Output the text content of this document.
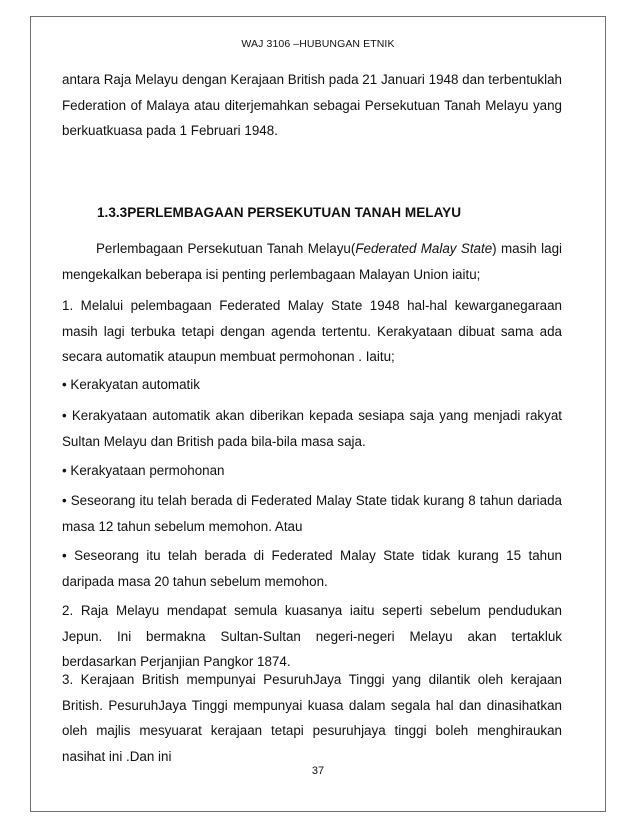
WAJ 3106 –HUBUNGAN ETNIK

antara Raja Melayu dengan Kerajaan British pada 21 Januari 1948 dan terbentuklah Federation of Malaya atau diterjemahkan sebagai Persekutuan Tanah Melayu yang berkuatkuasa pada 1 Februari 1948.

1.3.3PERLEMBAGAAN PERSEKUTUAN TANAH MELAYU

Perlembagaan Persekutuan Tanah Melayu(Federated Malay State) masih lagi mengekalkan beberapa isi penting perlembagaan Malayan Union iaitu;

1. Melalui pelembagaan Federated Malay State 1948 hal-hal kewarganegaraan masih lagi terbuka tetapi dengan agenda tertentu. Kerakyataan dibuat sama ada secara automatik ataupun membuat permohonan . Iaitu;

• Kerakyatan automatik

• Kerakyataan automatik akan diberikan kepada sesiapa saja yang menjadi rakyat Sultan Melayu dan British pada bila-bila masa saja.

• Kerakyataan permohonan

• Seseorang itu telah berada di Federated Malay State tidak kurang 8 tahun dariada masa 12 tahun sebelum memohon. Atau

• Seseorang itu telah berada di Federated Malay State tidak kurang 15 tahun daripada masa 20 tahun sebelum memohon.

2. Raja Melayu mendapat semula kuasanya iaitu seperti sebelum pendudukan Jepun. Ini bermakna Sultan-Sultan negeri-negeri Melayu akan tertakluk berdasarkan Perjanjian Pangkor 1874.

3. Kerajaan British mempunyai PesuruhJaya Tinggi yang dilantik oleh kerajaan British. PesuruhJaya Tinggi mempunyai kuasa dalam segala hal dan dinasihatkan oleh majlis mesyuarat kerajaan tetapi pesuruhjaya tinggi boleh menghiraukan nasihat ini .Dan ini

37
